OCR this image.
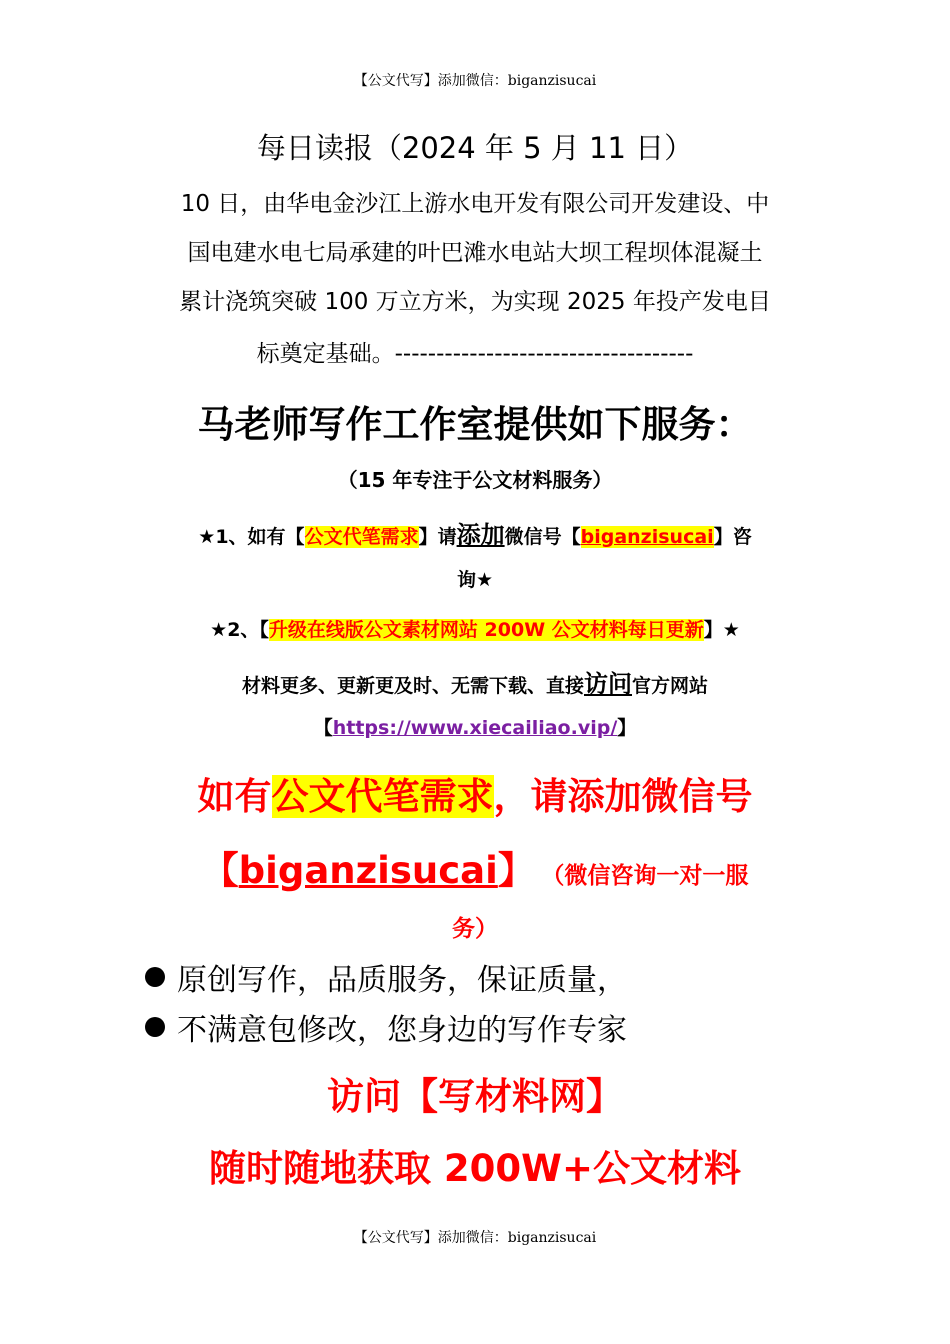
【公文代写】添加微信：biganzisucai
每日读报（2024 年 5 月 11 日）
10 日，由华电金沙江上游水电开发有限公司开发建设、中
国电建水电七局承建的叶巴滩水电站大坝工程坝体混凝土
累计浇筑突破 100 万立方米，为实现 2025 年投产发电目
标奠定基础。------------------------------------
马老师写作工作室提供如下服务：
（15 年专注于公文材料服务）
★1、如有【公文代笔需求】请添加微信号【biganzisucai】咨
询★
★2、【升级在线版公文素材网站 200W 公文材料每日更新】★
材料更多、更新更及时、无需下载、直接访问官方网站
【https://www.xiecailiao.vip/】
如有公文代笔需求，请添加微信号
【biganzisucai】 （微信咨询一对一服
务）
原创写作，品质服务，保证质量，
不满意包修改，您身边的写作专家
访问【写材料网】
随时随地获取 200W+公文材料
【公文代写】添加微信：biganzisucai
